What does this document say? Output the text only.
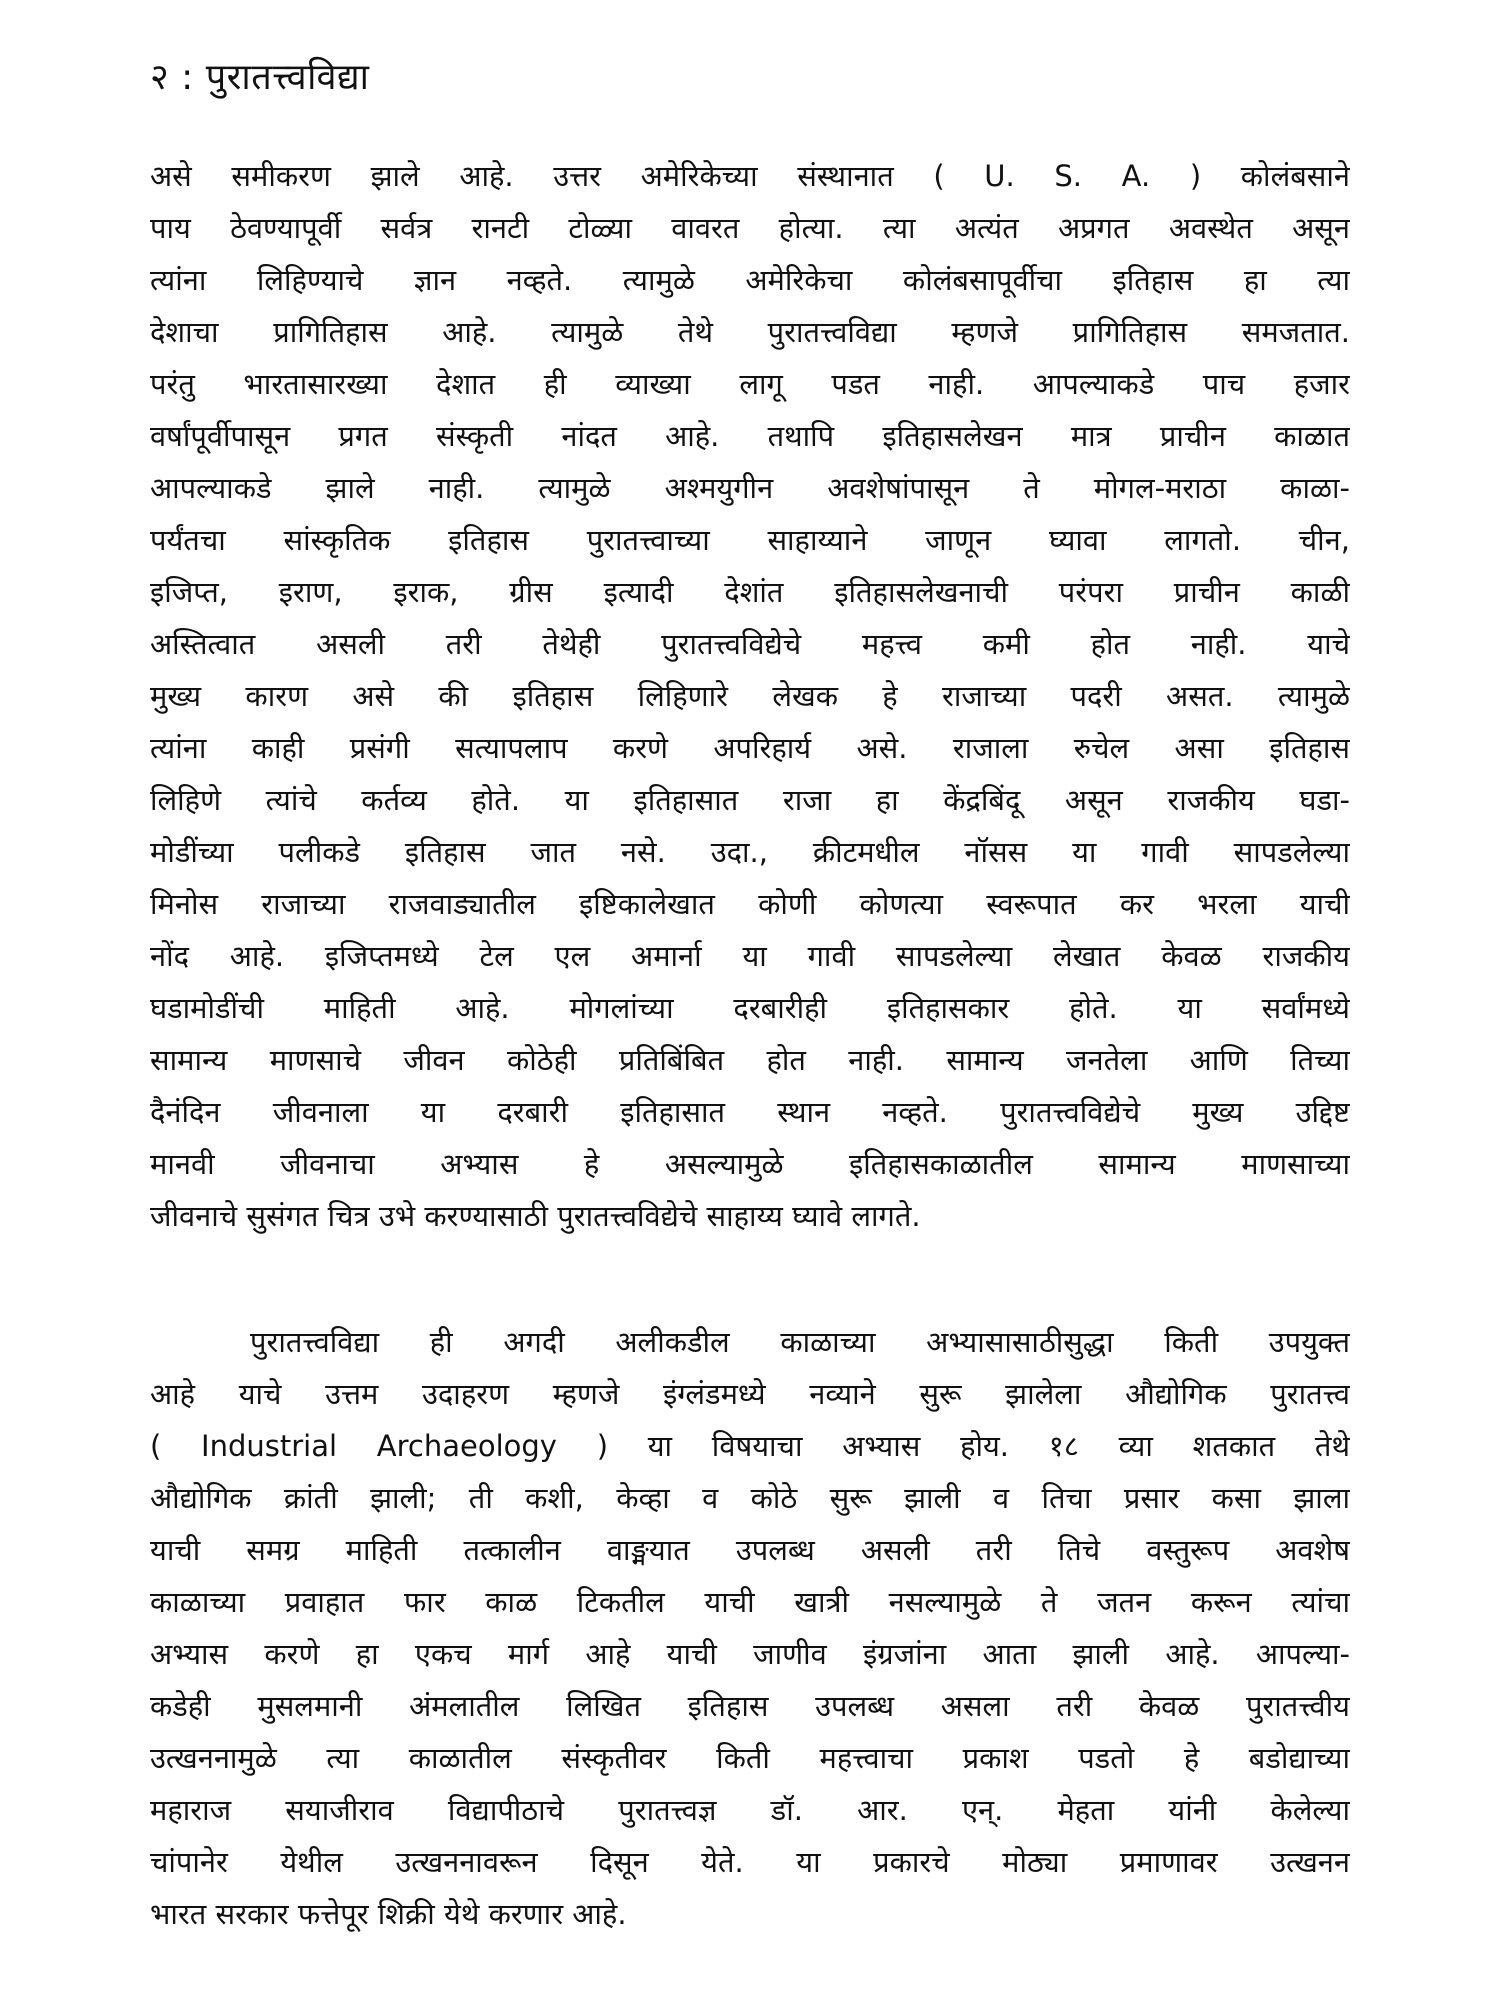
२ : पुरातत्त्वविद्या
असे समीकरण झाले आहे. उत्तर अमेरिकेच्या संस्थानात ( U. S. A. ) कोलंबसाने
पाय ठेवण्यापूर्वी सर्वत्र रानटी टोळ्या वावरत होत्या. त्या अत्यंत अप्रगत अवस्थेत असून
त्यांना लिहिण्याचे ज्ञान नव्हते. त्यामुळे अमेरिकेचा कोलंबसापूर्वीचा इतिहास हा त्या
देशाचा प्रागितिहास आहे. त्यामुळे तेथे पुरातत्त्वविद्या म्हणजे प्रागितिहास समजतात.
परंतु भारतासारख्या देशात ही व्याख्या लागू पडत नाही. आपल्याकडे पाच हजार
वर्षांपूर्वीपासून प्रगत संस्कृती नांदत आहे. तथापि इतिहासलेखन मात्र प्राचीन काळात
आपल्याकडे झाले नाही. त्यामुळे अश्मयुगीन अवशेषांपासून ते मोगल-मराठा काळा-
पर्यंतचा सांस्कृतिक इतिहास पुरातत्त्वाच्या साहाय्याने जाणून घ्यावा लागतो. चीन,
इजिप्त, इराण, इराक, ग्रीस इत्यादी देशांत इतिहासलेखनाची परंपरा प्राचीन काळी
अस्तित्वात असली तरी तेथेही पुरातत्त्वविद्येचे महत्त्व कमी होत नाही. याचे
मुख्य कारण असे की इतिहास लिहिणारे लेखक हे राजाच्या पदरी असत. त्यामुळे
त्यांना काही प्रसंगी सत्यापलाप करणे अपरिहार्य असे. राजाला रुचेल असा इतिहास
लिहिणे त्यांचे कर्तव्य होते. या इतिहासात राजा हा केंद्रबिंदू असून राजकीय घडा-
मोडींच्या पलीकडे इतिहास जात नसे. उदा., क्रीटमधील नॉसस या गावी सापडलेल्या
मिनोस राजाच्या राजवाड्यातील इष्टिकालेखात कोणी कोणत्या स्वरूपात कर भरला याची
नोंद आहे. इजिप्तमध्ये टेल एल अमार्ना या गावी सापडलेल्या लेखात केवळ राजकीय
घडामोडींची माहिती आहे. मोगलांच्या दरबारीही इतिहासकार होते. या सर्वांमध्ये
सामान्य माणसाचे जीवन कोठेही प्रतिबिंबित होत नाही. सामान्य जनतेला आणि तिच्या
दैनंदिन जीवनाला या दरबारी इतिहासात स्थान नव्हते. पुरातत्त्वविद्येचे मुख्य उद्दिष्ट
मानवी जीवनाचा अभ्यास हे असल्यामुळे इतिहासकाळातील सामान्य माणसाच्या
जीवनाचे सुसंगत चित्र उभे करण्यासाठी पुरातत्त्वविद्येचे साहाय्य घ्यावे लागते.
पुरातत्त्वविद्या ही अगदी अलीकडील काळाच्या अभ्यासासाठीसुद्धा किती उपयुक्त
आहे याचे उत्तम उदाहरण म्हणजे इंग्लंडमध्ये नव्याने सुरू झालेला औद्योगिक पुरातत्त्व
( Industrial Archaeology ) या विषयाचा अभ्यास होय. १८ व्या शतकात तेथे
औद्योगिक क्रांती झाली; ती कशी, केव्हा व कोठे सुरू झाली व तिचा प्रसार कसा झाला
याची समग्र माहिती तत्कालीन वाङ्मयात उपलब्ध असली तरी तिचे वस्तुरूप अवशेष
काळाच्या प्रवाहात फार काळ टिकतील याची खात्री नसल्यामुळे ते जतन करून त्यांचा
अभ्यास करणे हा एकच मार्ग आहे याची जाणीव इंग्रजांना आता झाली आहे. आपल्या-
कडेही मुसलमानी अंमलातील लिखित इतिहास उपलब्ध असला तरी केवळ पुरातत्त्वीय
उत्खननामुळे त्या काळातील संस्कृतीवर किती महत्त्वाचा प्रकाश पडतो हे बडोद्याच्या
महाराज सयाजीराव विद्यापीठाचे पुरातत्त्वज्ञ डॉ. आर. एन्. मेहता यांनी केलेल्या
चांपानेर येथील उत्खननावरून दिसून येते. या प्रकारचे मोठ्या प्रमाणावर उत्खनन
भारत सरकार फत्तेपूर शिक्री येथे करणार आहे.
